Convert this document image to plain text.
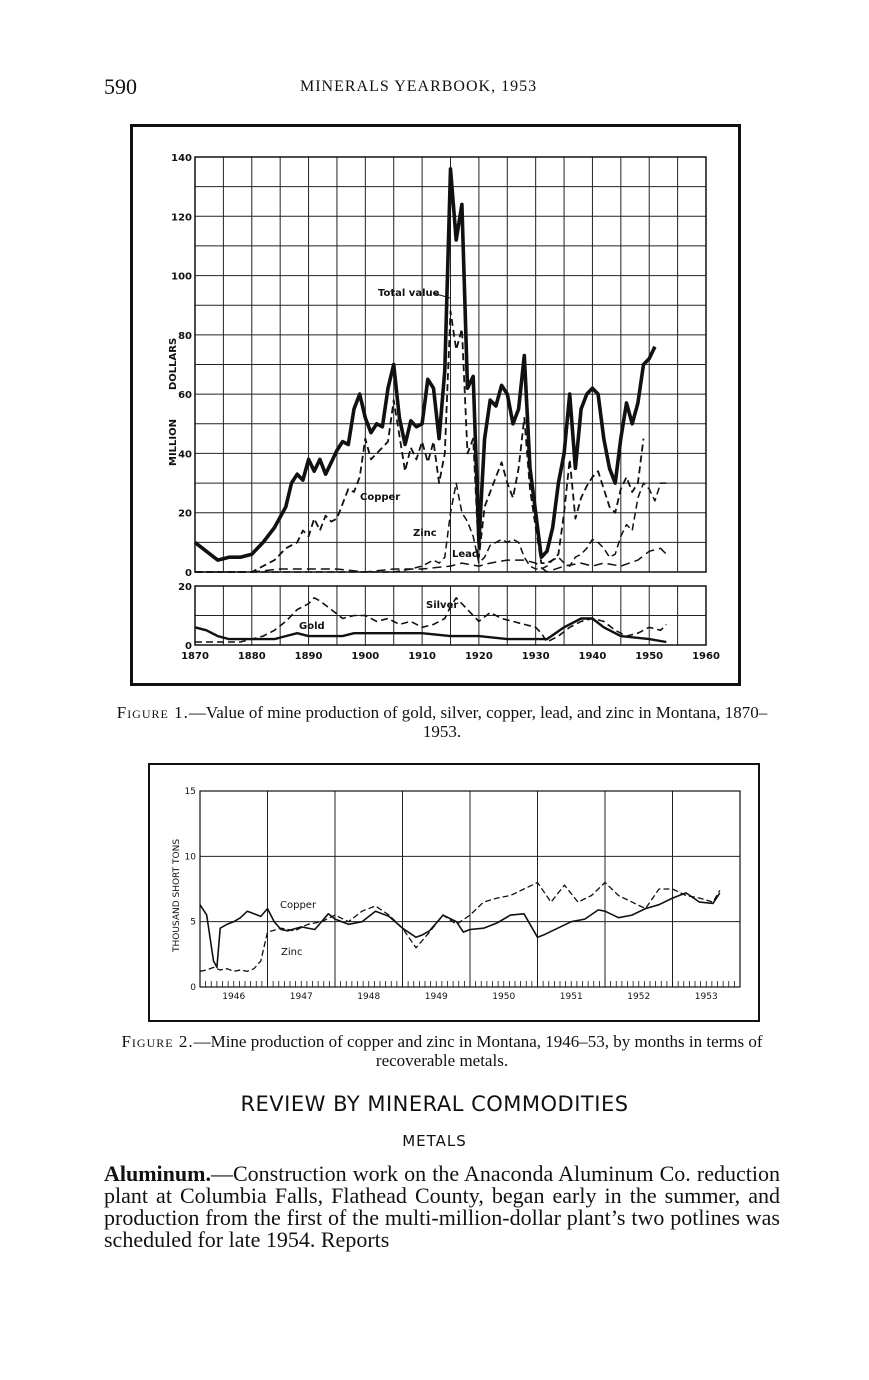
590	MINERALS YEARBOOK, 1953
0
20
40
60
80
100
120
140
0
20
1870	1880	1890	1900	1910	1920	1930	1940	1950	1960
MILLION
DOLLARS
Total value
Copper
Zinc
Lead
Silver
Gold
Figure 1.—Value of mine production of gold, silver, copper, lead, and zinc in Montana, 1870–1953.
0
5
10
15
1946	1947	1948	1949	1950	1951	1952	1953
THOUSAND SHORT TONS	Copper
Zinc
Figure 2.—Mine production of copper and zinc in Montana, 1946–53, by months in terms of recoverable metals.
REVIEW BY MINERAL COMMODITIES
METALS
Aluminum.—Construction work on the Anaconda Aluminum Co. reduction plant at Columbia Falls, Flathead County, began early in the summer, and production from the first of the multi-million-dollar plant’s two potlines was scheduled for late 1954. Reports
